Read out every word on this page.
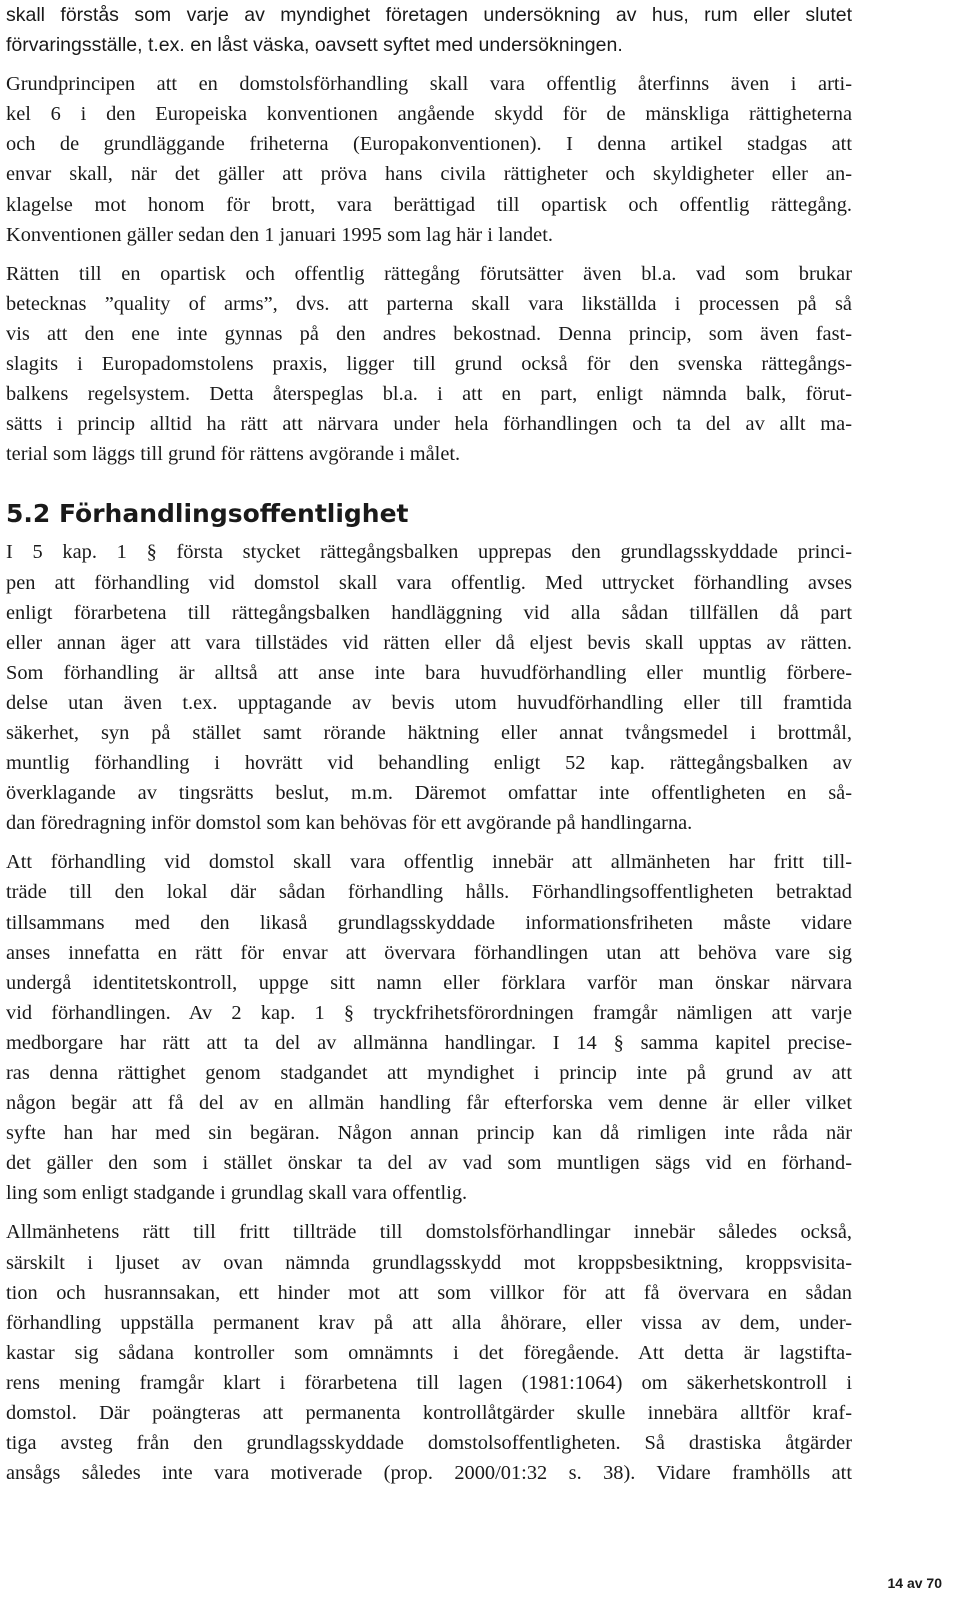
skall förstås som varje av myndighet företagen undersökning av hus, rum eller slutet
förvaringsställe, t.ex. en låst väska, oavsett syftet med undersökningen.
Grundprincipen att en domstolsförhandling skall vara offentlig återfinns även i arti-
kel 6 i den Europeiska konventionen angående skydd för de mänskliga rättigheterna
och de grundläggande friheterna (Europakonventionen). I denna artikel stadgas att
envar skall, när det gäller att pröva hans civila rättigheter och skyldigheter eller an-
klagelse mot honom för brott, vara berättigad till opartisk och offentlig rättegång.
Konventionen gäller sedan den 1 januari 1995 som lag här i landet.
Rätten till en opartisk och offentlig rättegång förutsätter även bl.a. vad som brukar
betecknas ”quality of arms”, dvs. att parterna skall vara likställda i processen på så
vis att den ene inte gynnas på den andres bekostnad. Denna princip, som även fast-
slagits i Europadomstolens praxis, ligger till grund också för den svenska rättegångs-
balkens regelsystem. Detta återspeglas bl.a. i att en part, enligt nämnda balk, förut-
sätts i princip alltid ha rätt att närvara under hela förhandlingen och ta del av allt ma-
terial som läggs till grund för rättens avgörande i målet.
5.2 Förhandlingsoffentlighet
I 5 kap. 1 § första stycket rättegångsbalken upprepas den grundlagsskyddade princi-
pen att förhandling vid domstol skall vara offentlig. Med uttrycket förhandling avses
enligt förarbetena till rättegångsbalken handläggning vid alla sådan tillfällen då part
eller annan äger att vara tillstädes vid rätten eller då eljest bevis skall upptas av rätten.
Som förhandling är alltså att anse inte bara huvudförhandling eller muntlig förbere-
delse utan även t.ex. upptagande av bevis utom huvudförhandling eller till framtida
säkerhet, syn på stället samt rörande häktning eller annat tvångsmedel i brottmål,
muntlig förhandling i hovrätt vid behandling enligt 52 kap. rättegångsbalken av
överklagande av tingsrätts beslut, m.m. Däremot omfattar inte offentligheten en så-
dan föredragning inför domstol som kan behövas för ett avgörande på handlingarna.
Att förhandling vid domstol skall vara offentlig innebär att allmänheten har fritt till-
träde till den lokal där sådan förhandling hålls. Förhandlingsoffentligheten betraktad
tillsammans med den likaså grundlagsskyddade informationsfriheten måste vidare
anses innefatta en rätt för envar att övervara förhandlingen utan att behöva vare sig
undergå identitetskontroll, uppge sitt namn eller förklara varför man önskar närvara
vid förhandlingen. Av 2 kap. 1 § tryckfrihetsförordningen framgår nämligen att varje
medborgare har rätt att ta del av allmänna handlingar. I 14 § samma kapitel precise-
ras denna rättighet genom stadgandet att myndighet i princip inte på grund av att
någon begär att få del av en allmän handling får efterforska vem denne är eller vilket
syfte han har med sin begäran. Någon annan princip kan då rimligen inte råda när
det gäller den som i stället önskar ta del av vad som muntligen sägs vid en förhand-
ling som enligt stadgande i grundlag skall vara offentlig.
Allmänhetens rätt till fritt tillträde till domstolsförhandlingar innebär således också,
särskilt i ljuset av ovan nämnda grundlagsskydd mot kroppsbesiktning, kroppsvisita-
tion och husrannsakan, ett hinder mot att som villkor för att få övervara en sådan
förhandling uppställa permanent krav på att alla åhörare, eller vissa av dem, under-
kastar sig sådana kontroller som omnämnts i det föregående. Att detta är lagstifta-
rens mening framgår klart i förarbetena till lagen (1981:1064) om säkerhetskontroll i
domstol. Där poängteras att permanenta kontrollåtgärder skulle innebära alltför kraf-
tiga avsteg från den grundlagsskyddade domstolsoffentligheten. Så drastiska åtgärder
ansågs således inte vara motiverade (prop. 2000/01:32 s. 38). Vidare framhölls att
14 av 70
